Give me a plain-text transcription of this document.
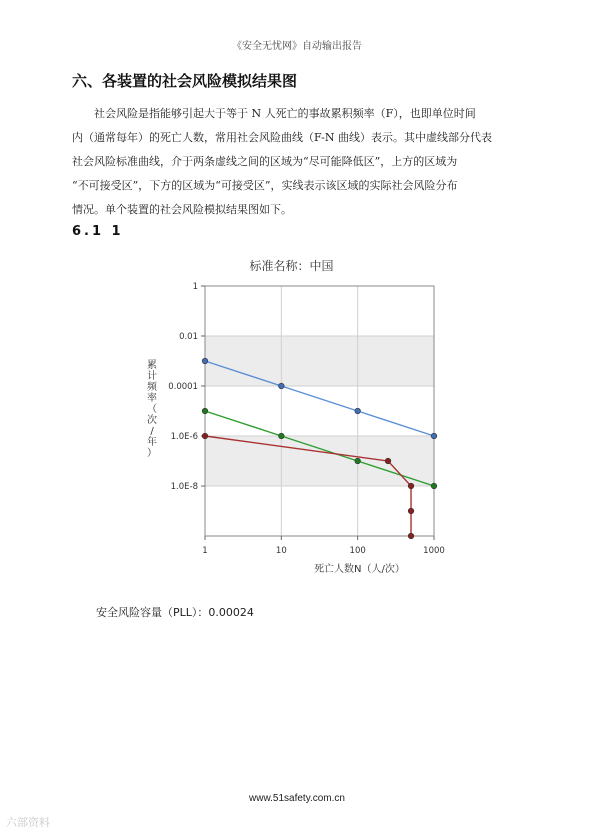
《安全无忧网》自动输出报告
六、各装置的社会风险模拟结果图

社会风险是指能够引起大于等于 N 人死亡的事故累积频率（F），也即单位时间

内（通常每年）的死亡人数，常用社会风险曲线（F-N 曲线）表示。其中虚线部分代表

社会风险标准曲线，介于两条虚线之间的区域为“尽可能降低区”，上方的区域为

“不可接受区”，下方的区域为“可接受区”，实线表示该区域的实际社会风险分布

情况。单个装置的社会风险模拟结果图如下。

6.1 1
标准名称：中国
1
0.01
0.0001
1.0E-6
1.0E-8
1	10	100	1000
死亡人数N（人/次）
累计频率（次/年）
安全风险容量（PLL）：0.00024
www.51safety.com.cn
六部资料
